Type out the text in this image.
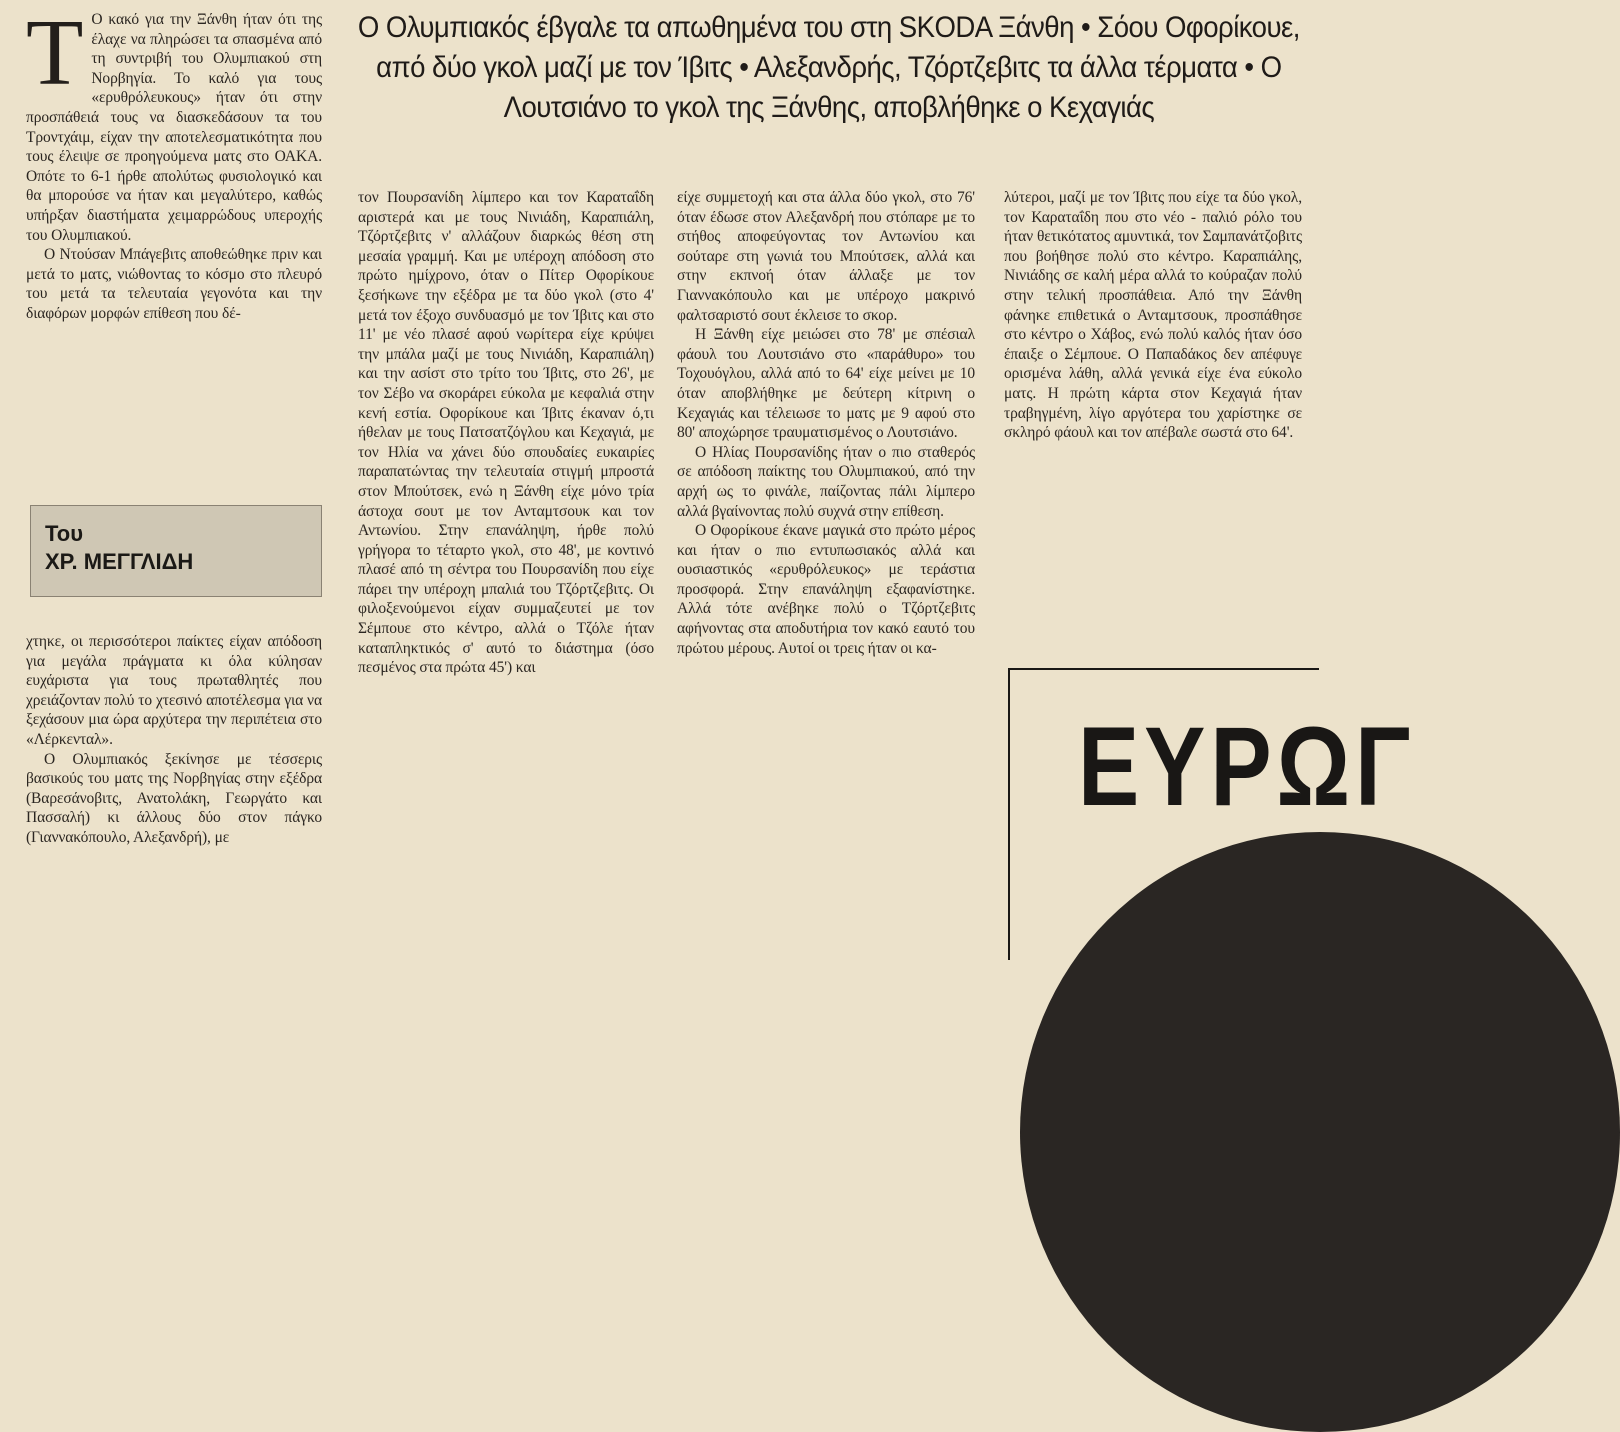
Ο Ολυμπιακός έβγαλε τα απωθημένα του στη SKODA Ξάνθη • Σόου Οφορίκουε, από δύο γκολ μαζί με τον Ίβιτς • Αλεξανδρής, Τζόρτζεβιτς τα άλλα τέρματα • Ο Λουτσιάνο το γκολ της Ξάνθης, αποβλήθηκε ο Κεχαγιάς
Τ Ο κακό για την Ξάνθη ήταν ότι της έλαχε να πληρώσει τα σπασμένα από τη συντριβή του Ολυμπιακού στη Νορβηγία. Το καλό για τους «ερυθρόλευκους» ήταν ότι στην προσπάθειά τους να διασκεδάσουν τα του Τροντχάιμ, είχαν την αποτελεσματικότητα που τους έλειψε σε προηγούμενα ματς στο ΟΑΚΑ. Οπότε το 6-1 ήρθε απολύτως φυσιολογικό και θα μπορούσε να ήταν και μεγαλύτερο, καθώς υπήρξαν διαστήματα χειμαρρώδους υπεροχής του Ολυμπιακού.

Ο Ντούσαν Μπάγεβιτς αποθεώθηκε πριν και μετά το ματς, νιώθοντας το κόσμο στο πλευρό του μετά τα τελευταία γεγονότα και την διαφόρων μορφών επίθεση που δέ-

Του
ΧΡ. ΜΕΓΓΛΙΔΗ

χτηκε, οι περισσότεροι παίκτες είχαν απόδοση για μεγάλα πράγματα κι όλα κύλησαν ευχάριστα για τους πρωταθλητές που χρειάζονταν πολύ το χτεσινό αποτέλεσμα για να ξεχάσουν μια ώρα αρχύτερα την περιπέτεια στο «Λέρκενταλ».

Ο Ολυμπιακός ξεκίνησε με τέσσερις βασικούς του ματς της Νορβηγίας στην εξέδρα (Βαρεσάνοβιτς, Ανατολάκη, Γεωργάτο και Πασσαλή) κι άλλους δύο στον πάγκο (Γιαννακόπουλο, Αλεξανδρή), με

τον Πουρσανίδη λίμπερο και τον Καραταΐδη αριστερά και με τους Νινιάδη, Καραπιάλη, Τζόρτζεβιτς ν' αλλάζουν διαρκώς θέση στη μεσαία γραμμή. Και με υπέροχη απόδοση στο πρώτο ημίχρονο, όταν ο Πίτερ Οφορίκουε ξεσήκωνε την εξέδρα με τα δύο γκολ (στο 4' μετά τον έξοχο συνδυασμό με τον Ίβιτς και στο 11' με νέο πλασέ αφού νωρίτερα είχε κρύψει την μπάλα μαζί με τους Νινιάδη, Καραπιάλη) και την ασίστ στο τρίτο του Ίβιτς, στο 26', με τον Σέβο να σκοράρει εύκολα με κεφαλιά στην κενή εστία. Οφορίκουε και Ίβιτς έκαναν ό,τι ήθελαν με τους Πατσατζόγλου και Κεχαγιά, με τον Ηλία να χάνει δύο σπουδαίες ευκαιρίες παραπατώντας την τελευταία στιγμή μπροστά στον Μπούτσεκ, ενώ η Ξάνθη είχε μόνο τρία άστοχα σουτ με τον Ανταμτσουκ και τον Αντωνίου. Στην επανάληψη, ήρθε πολύ γρήγορα το τέταρτο γκολ, στο 48', με κοντινό πλασέ από τη σέντρα του Πουρσανίδη που είχε πάρει την υπέροχη μπαλιά του Τζόρτζεβιτς. Οι φιλοξενούμενοι είχαν συμμαζευτεί με τον Σέμπουε στο κέντρο, αλλά ο Τζόλε ήταν καταπληκτικός σ' αυτό το διάστημα (όσο πεσμένος στα πρώτα 45') και

είχε συμμετοχή και στα άλλα δύο γκολ, στο 76' όταν έδωσε στον Αλεξανδρή που στόπαρε με το στήθος αποφεύγοντας τον Αντωνίου και σούταρε στη γωνιά του Μπούτσεκ, αλλά και στην εκπνοή όταν άλλαξε με τον Γιαννακόπουλο και με υπέροχο μακρινό φαλτσαριστό σουτ έκλεισε το σκορ.

Η Ξάνθη είχε μειώσει στο 78' με σπέσιαλ φάουλ του Λουτσιάνο στο «παράθυρο» του Τοχουόγλου, αλλά από το 64' είχε μείνει με 10 όταν αποβλήθηκε με δεύτερη κίτρινη ο Κεχαγιάς και τέλειωσε το ματς με 9 αφού στο 80' αποχώρησε τραυματισμένος ο Λουτσιάνο.

Ο Ηλίας Πουρσανίδης ήταν ο πιο σταθερός σε απόδοση παίκτης του Ολυμπιακού, από την αρχή ως το φινάλε, παίζοντας πάλι λίμπερο αλλά βγαίνοντας πολύ συχνά στην επίθεση.

Ο Οφορίκουε έκανε μαγικά στο πρώτο μέρος και ήταν ο πιο εντυπωσιακός αλλά και ουσιαστικός «ερυθρόλευκος» με τεράστια προσφορά. Στην επανάληψη εξαφανίστηκε. Αλλά τότε ανέβηκε πολύ ο Τζόρτζεβιτς αφήνοντας στα αποδυτήρια τον κακό εαυτό του πρώτου μέρους. Αυτοί οι τρεις ήταν οι κα-

λύτεροι, μαζί με τον Ίβιτς που είχε τα δύο γκολ, τον Καραταΐδη που στο νέο - παλιό ρόλο του ήταν θετικότατος αμυντικά, τον Σαμπανάτζοβιτς που βοήθησε πολύ στο κέντρο. Καραπιάλης, Νινιάδης σε καλή μέρα αλλά το κούραζαν πολύ στην τελική προσπάθεια. Από την Ξάνθη φάνηκε επιθετικά ο Ανταμτσουκ, προσπάθησε στο κέντρο ο Χάβος, ενώ πολύ καλός ήταν όσο έπαιξε ο Σέμπουε. Ο Παπαδάκος δεν απέφυγε ορισμένα λάθη, αλλά γενικά είχε ένα εύκολο ματς. Η πρώτη κάρτα στον Κεχαγιά ήταν τραβηγμένη, λίγο αργότερα του χαρίστηκε σε σκληρό φάουλ και τον απέβαλε σωστά στο 64'.

ΕΥΡΩΓ
